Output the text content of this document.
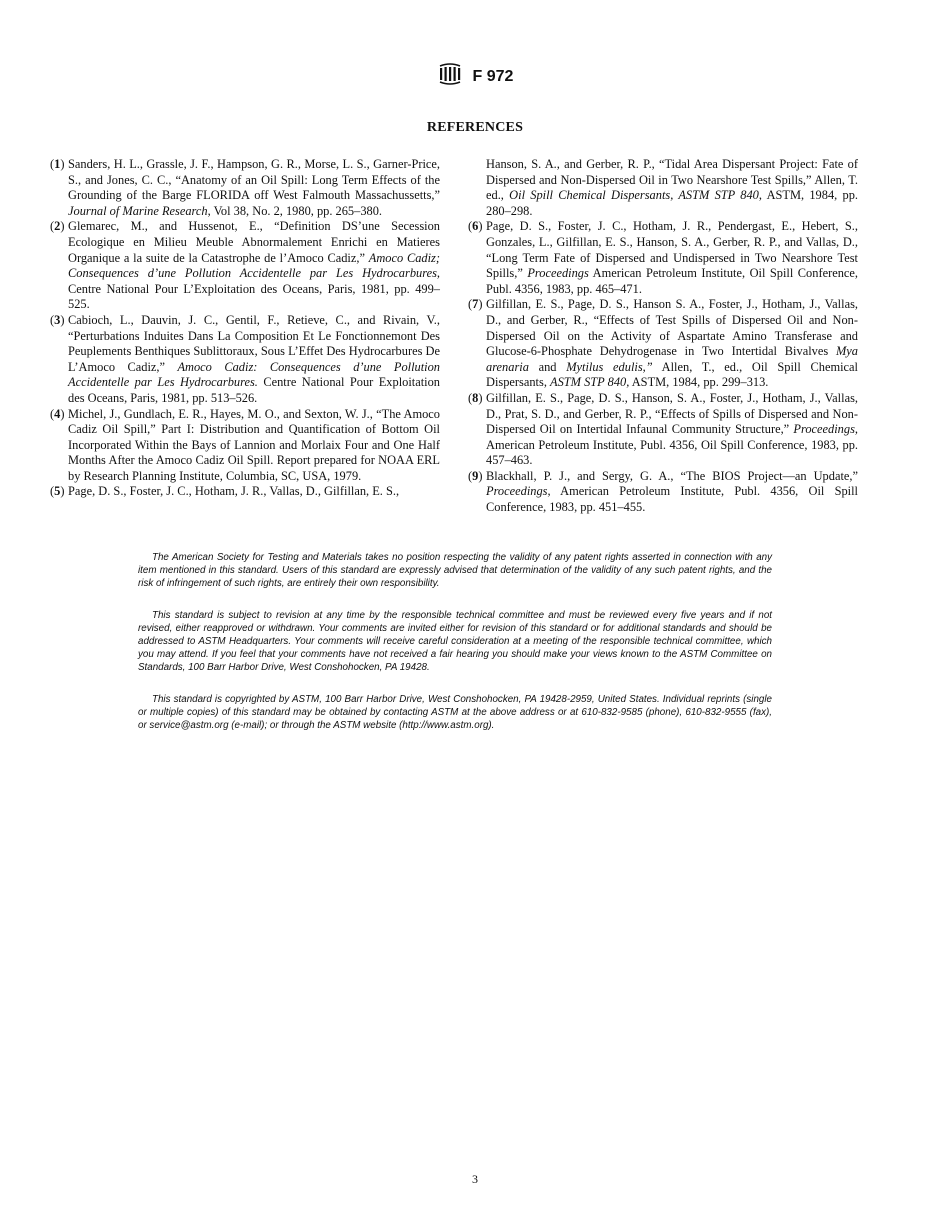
F 972
REFERENCES
(1) Sanders, H. L., Grassle, J. F., Hampson, G. R., Morse, L. S., Garner-Price, S., and Jones, C. C., “Anatomy of an Oil Spill: Long Term Effects of the Grounding of the Barge FLORIDA off West Falmouth Massachussetts,” Journal of Marine Research, Vol 38, No. 2, 1980, pp. 265–380.
(2) Glemarec, M., and Hussenot, E., “Definition DS’une Secession Ecologique en Milieu Meuble Abnormalement Enrichi en Matieres Organique a la suite de la Catastrophe de l’Amoco Cadiz,” Amoco Cadiz; Consequences d’une Pollution Accidentelle par Les Hydrocarbures, Centre National Pour L’Exploitation des Oceans, Paris, 1981, pp. 499–525.
(3) Cabioch, L., Dauvin, J. C., Gentil, F., Retieve, C., and Rivain, V., “Perturbations Induites Dans La Composition Et Le Fonctionnemont Des Peuplements Benthiques Sublittoraux, Sous L’Effet Des Hydrocarbures De L’Amoco Cadiz,” Amoco Cadiz: Consequences d’une Pollution Accidentelle par Les Hydrocarbures. Centre National Pour Exploitation des Oceans, Paris, 1981, pp. 513–526.
(4) Michel, J., Gundlach, E. R., Hayes, M. O., and Sexton, W. J., “The Amoco Cadiz Oil Spill,” Part I: Distribution and Quantification of Bottom Oil Incorporated Within the Bays of Lannion and Morlaix Four and One Half Months After the Amoco Cadiz Oil Spill. Report prepared for NOAA ERL by Research Planning Institute, Columbia, SC, USA, 1979.
(5) Page, D. S., Foster, J. C., Hotham, J. R., Vallas, D., Gilfillan, E. S.,
Hanson, S. A., and Gerber, R. P., “Tidal Area Dispersant Project: Fate of Dispersed and Non-Dispersed Oil in Two Nearshore Test Spills,” Allen, T. ed., Oil Spill Chemical Dispersants, ASTM STP 840, ASTM, 1984, pp. 280–298.
(6) Page, D. S., Foster, J. C., Hotham, J. R., Pendergast, E., Hebert, S., Gonzales, L., Gilfillan, E. S., Hanson, S. A., Gerber, R. P., and Vallas, D., “Long Term Fate of Dispersed and Undispersed in Two Nearshore Test Spills,” Proceedings American Petroleum Institute, Oil Spill Conference, Publ. 4356, 1983, pp. 465–471.
(7) Gilfillan, E. S., Page, D. S., Hanson S. A., Foster, J., Hotham, J., Vallas, D., and Gerber, R., “Effects of Test Spills of Dispersed Oil and Non-Dispersed Oil on the Activity of Aspartate Amino Transferase and Glucose-6-Phosphate Dehydrogenase in Two Intertidal Bivalves Mya arenaria and Mytilus edulis,” Allen, T., ed., Oil Spill Chemical Dispersants, ASTM STP 840, ASTM, 1984, pp. 299–313.
(8) Gilfillan, E. S., Page, D. S., Hanson, S. A., Foster, J., Hotham, J., Vallas, D., Prat, S. D., and Gerber, R. P., “Effects of Spills of Dispersed and Non-Dispersed Oil on Intertidal Infaunal Community Structure,” Proceedings, American Petroleum Institute, Publ. 4356, Oil Spill Conference, 1983, pp. 457–463.
(9) Blackhall, P. J., and Sergy, G. A., “The BIOS Project—an Update,” Proceedings, American Petroleum Institute, Publ. 4356, Oil Spill Conference, 1983, pp. 451–455.

The American Society for Testing and Materials takes no position respecting the validity of any patent rights asserted in connection with any item mentioned in this standard. Users of this standard are expressly advised that determination of the validity of any such patent rights, and the risk of infringement of such rights, are entirely their own responsibility.

This standard is subject to revision at any time by the responsible technical committee and must be reviewed every five years and if not revised, either reapproved or withdrawn. Your comments are invited either for revision of this standard or for additional standards and should be addressed to ASTM Headquarters. Your comments will receive careful consideration at a meeting of the responsible technical committee, which you may attend. If you feel that your comments have not received a fair hearing you should make your views known to the ASTM Committee on Standards, 100 Barr Harbor Drive, West Conshohocken, PA 19428.

This standard is copyrighted by ASTM, 100 Barr Harbor Drive, West Conshohocken, PA 19428-2959, United States. Individual reprints (single or multiple copies) of this standard may be obtained by contacting ASTM at the above address or at 610-832-9585 (phone), 610-832-9555 (fax), or service@astm.org (e-mail); or through the ASTM website (http://www.astm.org).

3
